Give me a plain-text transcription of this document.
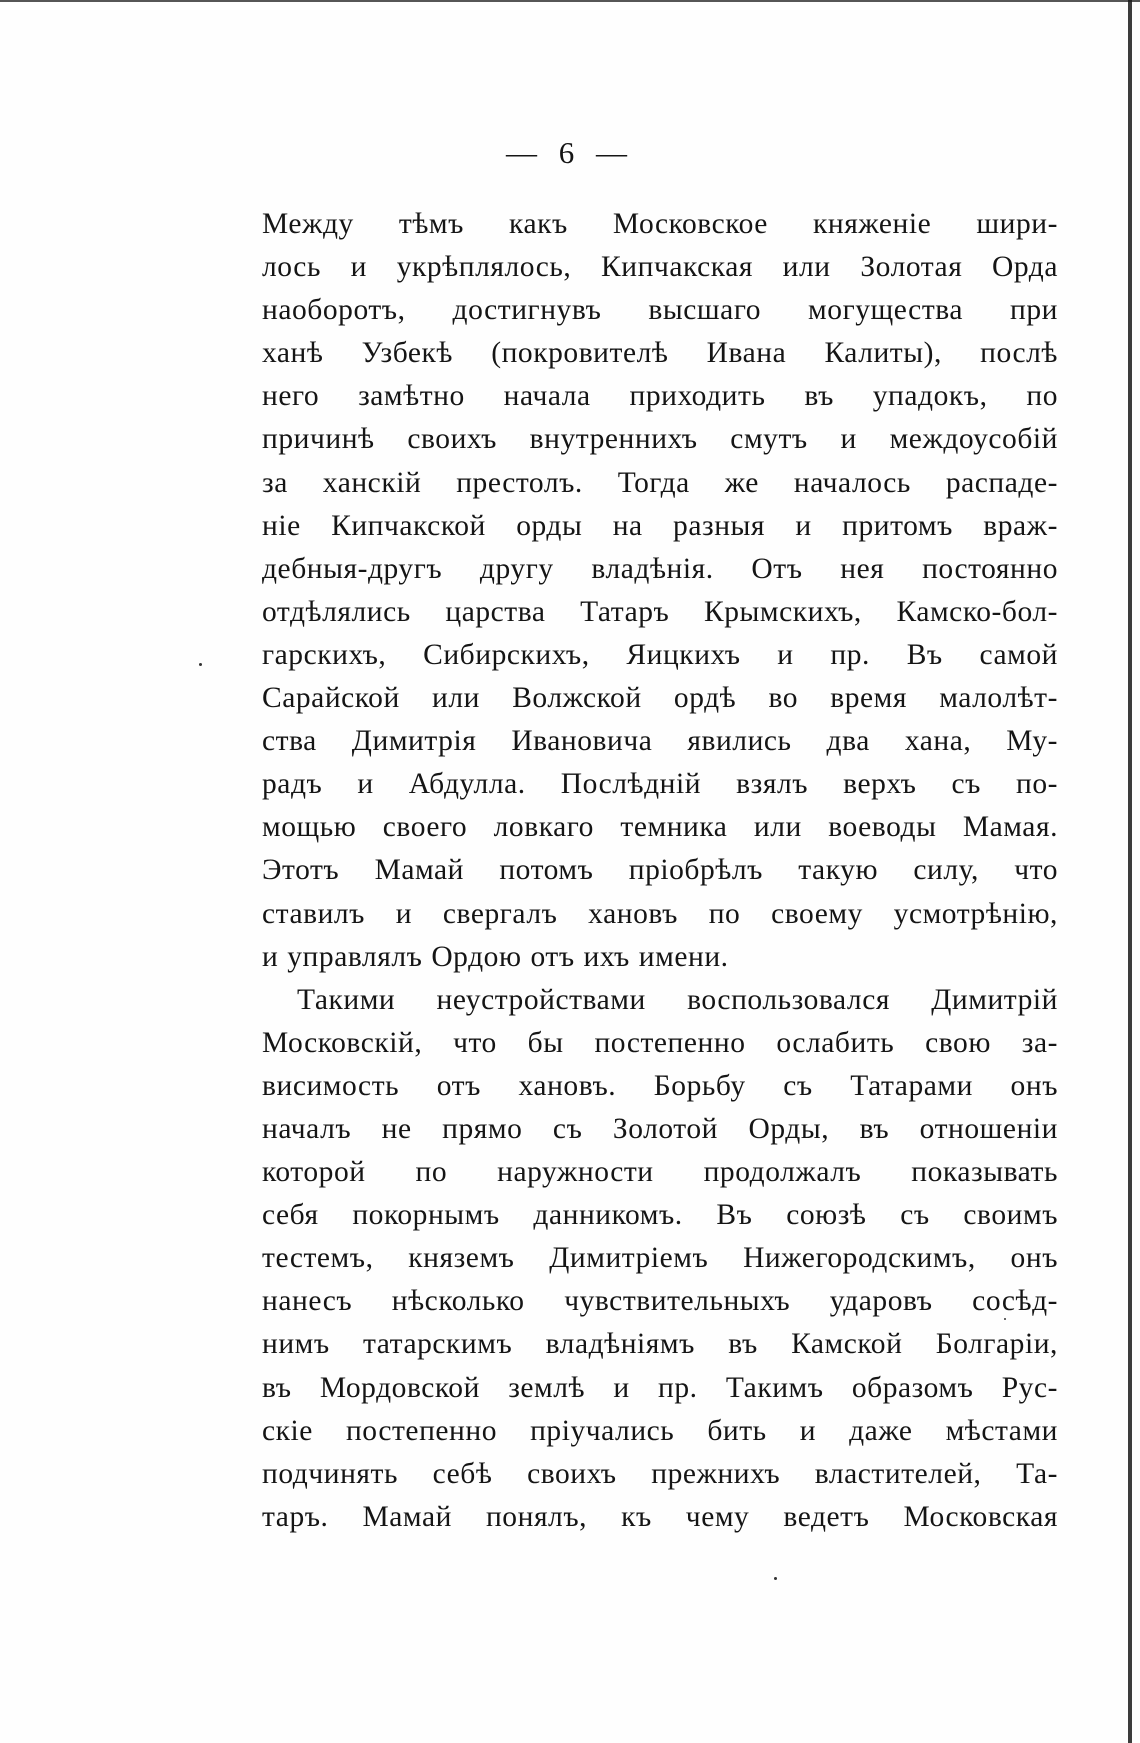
— 6 —
Между тѣмъ какъ Московское княженіе шири-
лось и укрѣплялось, Кипчакская или Золотая Орда
наоборотъ, достигнувъ высшаго могущества при
ханѣ Узбекѣ (покровителѣ Ивана Калиты), послѣ
него замѣтно начала приходить въ упадокъ, по
причинѣ своихъ внутреннихъ смутъ и междоусобій
за ханскій престолъ. Тогда же началось распаде-
ніе Кипчакской орды на разныя и притомъ враж-
дебныя-другъ другу владѣнія. Отъ нея постоянно
отдѣлялись царства Татаръ Крымскихъ, Камско-бол-
гарскихъ, Сибирскихъ, Яицкихъ и пр. Въ самой
Сарайской или Волжской ордѣ во время малолѣт-
ства Димитрія Ивановича явились два хана, Му-
радъ и Абдулла. Послѣдній взялъ верхъ съ по-
мощью своего ловкаго темника или воеводы Мамая.
Этотъ Мамай потомъ пріобрѣлъ такую силу, что
ставилъ и свергалъ хановъ по своему усмотрѣнію,
и управлялъ Ордою отъ ихъ имени.
Такими неустройствами воспользовался Димитрій
Московскій, что бы постепенно ослабить свою за-
висимость отъ хановъ. Борьбу съ Татарами онъ
началъ не прямо съ Золотой Орды, въ отношеніи
которой по наружности продолжалъ показывать
себя покорнымъ данникомъ. Въ союзѣ съ своимъ
тестемъ, княземъ Димитріемъ Нижегородскимъ, онъ
нанесъ нѣсколько чувствительныхъ ударовъ сосѣд-
нимъ татарскимъ владѣніямъ въ Камской Болгаріи,
въ Мордовской землѣ и пр. Такимъ образомъ Рус-
скіе постепенно пріучались бить и даже мѣстами
подчинять себѣ своихъ прежнихъ властителей, Та-
таръ. Мамай понялъ, къ чему ведетъ Московская
